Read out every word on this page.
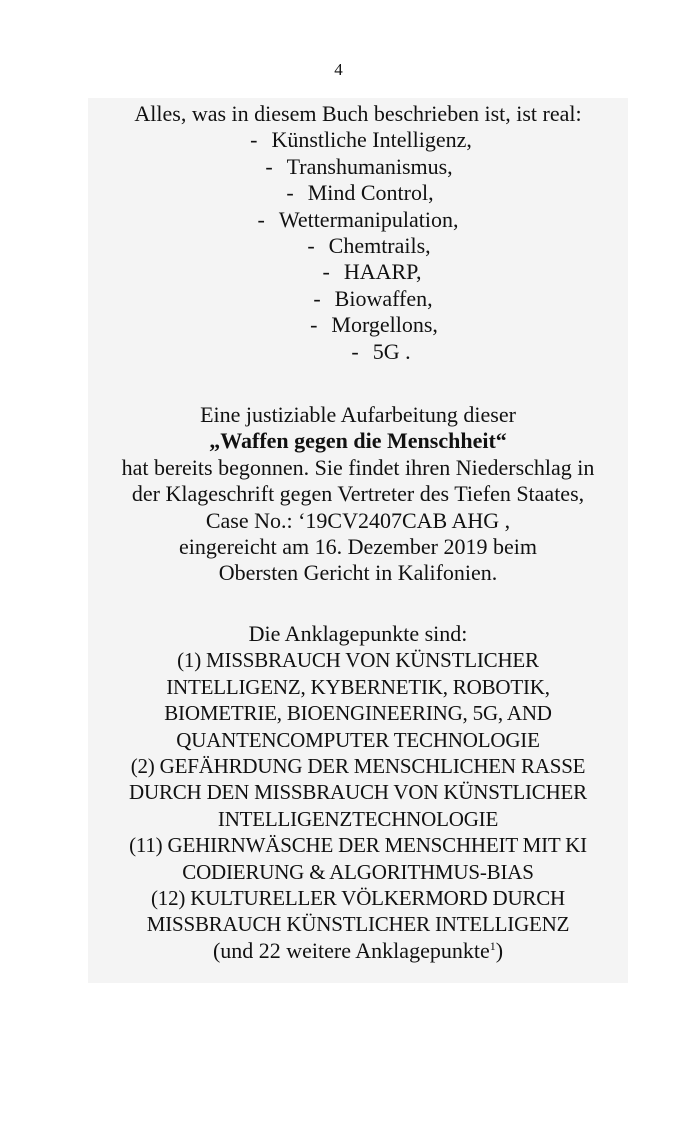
4
Alles, was in diesem Buch beschrieben ist, ist real:
- Künstliche Intelligenz,
- Transhumanismus,
- Mind Control,
- Wettermanipulation,
- Chemtrails,
- HAARP,
- Biowaffen,
- Morgellons,
- 5G .
Eine justiziable Aufarbeitung dieser
„Waffen gegen die Menschheit“
hat bereits begonnen. Sie findet ihren Niederschlag in
der Klageschrift gegen Vertreter des Tiefen Staates,
Case No.: ‘19CV2407CAB AHG ,
eingereicht am 16. Dezember 2019 beim
Obersten Gericht in Kalifonien.
Die Anklagepunkte sind:
(1) MISSBRAUCH VON KÜNSTLICHER
INTELLIGENZ, KYBERNETIK, ROBOTIK,
BIOMETRIE, BIOENGINEERING, 5G, AND
QUANTENCOMPUTER TECHNOLOGIE
(2) GEFÄHRDUNG DER MENSCHLICHEN RASSE
DURCH DEN MISSBRAUCH VON KÜNSTLICHER
INTELLIGENZTECHNOLOGIE
(11) GEHIRNWÄSCHE DER MENSCHHEIT MIT KI
CODIERUNG & ALGORITHMUS-BIAS
(12) KULTURELLER VÖLKERMORD DURCH
MISSBRAUCH KÜNSTLICHER INTELLIGENZ
(und 22 weitere Anklagepunkte$^1$)
